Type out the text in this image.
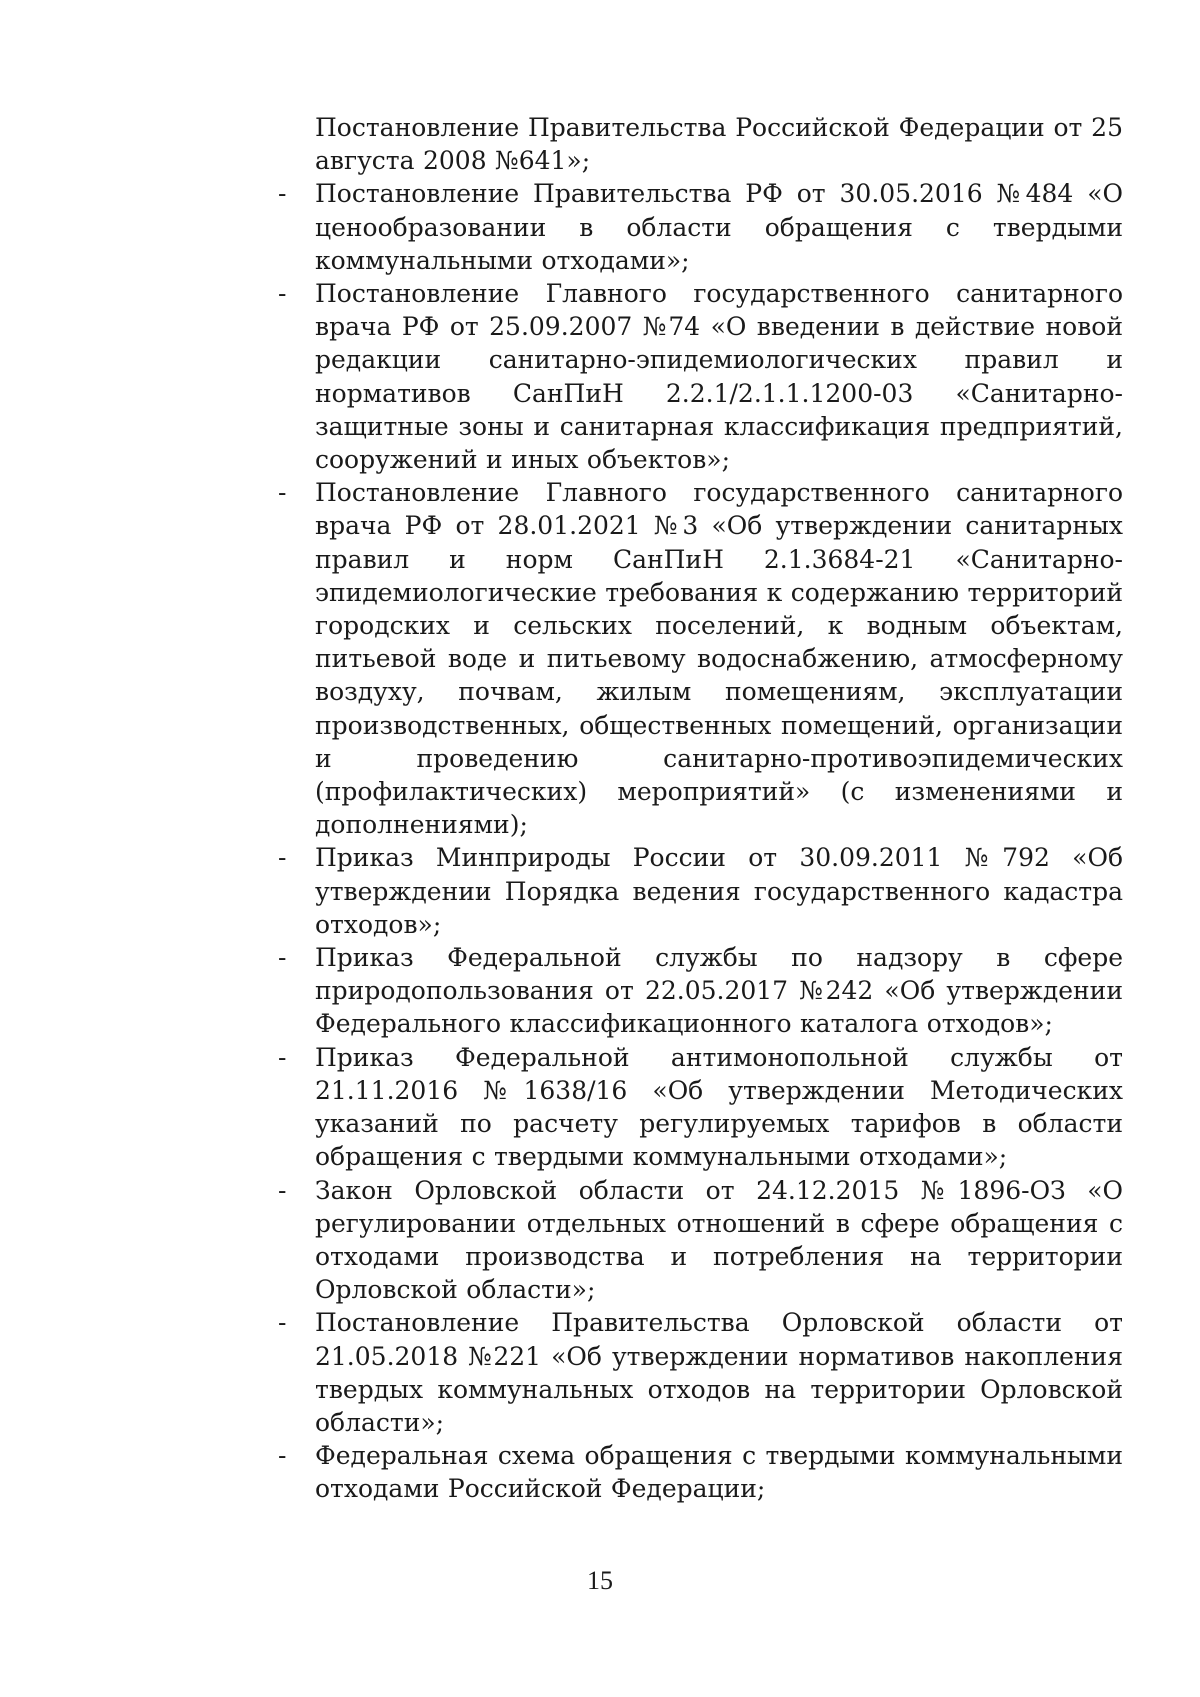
Постановление Правительства Российской Федерации от 25 августа 2008 №641»;
- Постановление Правительства РФ от 30.05.2016 №484 «О ценообразовании в области обращения с твердыми коммунальными отходами»;
- Постановление Главного государственного санитарного врача РФ от 25.09.2007 №74 «О введении в действие новой редакции санитарно-эпидемиологических правил и нормативов СанПиН 2.2.1/2.1.1.1200-03 «Санитарно-защитные зоны и санитарная классификация предприятий, сооружений и иных объектов»;
- Постановление Главного государственного санитарного врача РФ от 28.01.2021 №3 «Об утверждении санитарных правил и норм СанПиН 2.1.3684-21 «Санитарно-эпидемиологические требования к содержанию территорий городских и сельских поселений, к водным объектам, питьевой воде и питьевому водоснабжению, атмосферному воздуху, почвам, жилым помещениям, эксплуатации производственных, общественных помещений, организации и проведению санитарно-противоэпидемических (профилактических) мероприятий» (с изменениями и дополнениями);
- Приказ Минприроды России от 30.09.2011 №792 «Об утверждении Порядка ведения государственного кадастра отходов»;
- Приказ Федеральной службы по надзору в сфере природопользования от 22.05.2017 №242 «Об утверждении Федерального классификационного каталога отходов»;
- Приказ Федеральной антимонопольной службы от 21.11.2016 №1638/16 «Об утверждении Методических указаний по расчету регулируемых тарифов в области обращения с твердыми коммунальными отходами»;
- Закон Орловской области от 24.12.2015 №1896-ОЗ «О регулировании отдельных отношений в сфере обращения с отходами производства и потребления на территории Орловской области»;
- Постановление Правительства Орловской области от 21.05.2018 №221 «Об утверждении нормативов накопления твердых коммунальных отходов на территории Орловской области»;
- Федеральная схема обращения с твердыми коммунальными отходами Российской Федерации;
15
